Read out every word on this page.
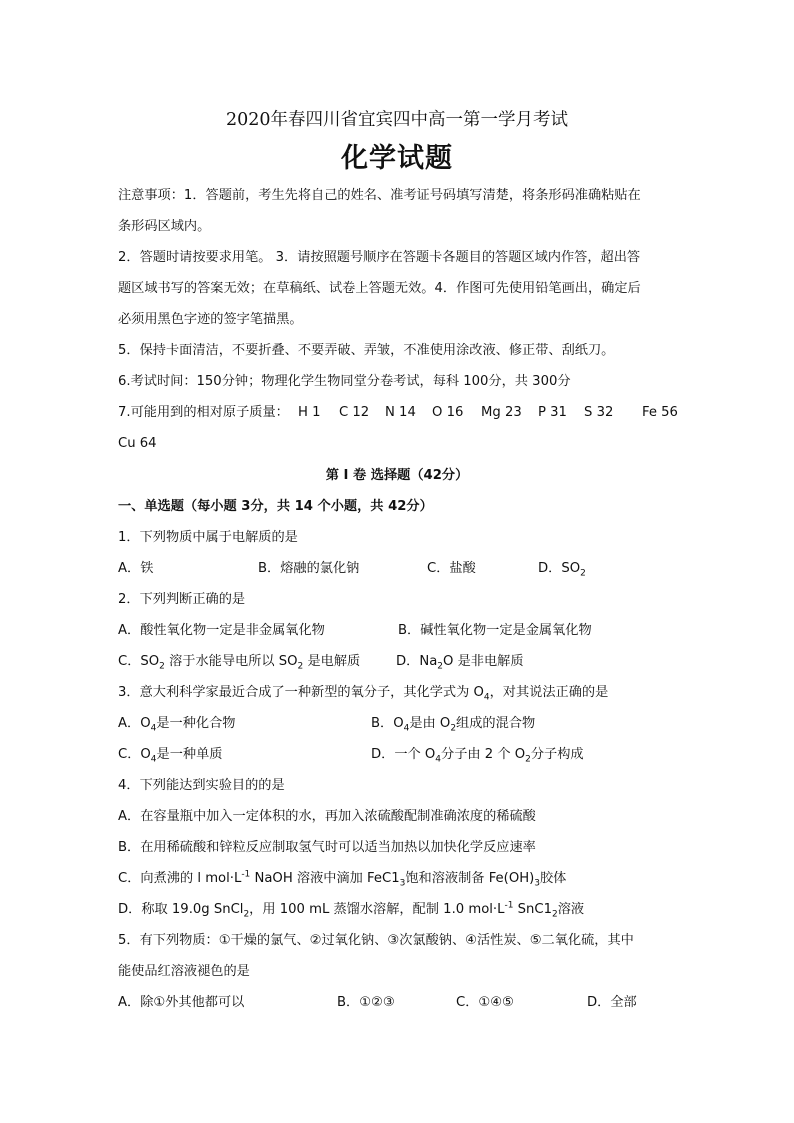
2020年春四川省宜宾四中高一第一学月考试
化学试题
注意事项：1．答题前，考生先将自己的姓名、准考证号码填写清楚，将条形码准确粘贴在
条形码区域内。
2．答题时请按要求用笔。 3．请按照题号顺序在答题卡各题目的答题区域内作答，超出答
题区域书写的答案无效；在草稿纸、试卷上答题无效。4．作图可先使用铅笔画出，确定后
必须用黑色字迹的签字笔描黑。
5．保持卡面清洁，不要折叠、不要弄破、弄皱，不准使用涂改液、修正带、刮纸刀。
6.考试时间：150分钟；物理化学生物同堂分卷考试，每科 100分，共 300分
7.可能用到的相对原子质量： H 1 C 12 N 14 O 16 Mg 23 P 31 S 32 Fe 56
Cu 64
第 I 卷 选择题（42分）
一、单选题（每小题 3分，共 14 个小题，共 42分）
1．下列物质中属于电解质的是
A．铁	B．熔融的氯化钠	C．盐酸	D．$SO_2$
2．下列判断正确的是
A．酸性氧化物一定是非金属氧化物	B．碱性氧化物一定是金属氧化物
C．$SO_2$ 溶于水能导电所以 $SO_2$ 是电解质	D．$Na_2O$ 是非电解质
3．意大利科学家最近合成了一种新型的氧分子，其化学式为 $O_4$，对其说法正确的是
A．$O_4$是一种化合物	B．$O_4$是由 $O_2$组成的混合物
C．$O_4$是一种单质	D．一个 $O_4$分子由 2 个 $O_2$分子构成
4．下列能达到实验目的的是
A．在容量瓶中加入一定体积的水，再加入浓硫酸配制准确浓度的稀硫酸
B．在用稀硫酸和锌粒反应制取氢气时可以适当加热以加快化学反应速率
C．向煮沸的 l $mol\cdot L^{-1}$ NaOH 溶液中滴加 $FeC1_3$饱和溶液制备 $Fe(OH)_3$胶体
D．称取 19.0g SnCl$_2$，用 100 mL 蒸馏水溶解，配制 1.0 $mol\cdot L^{-1}$ $SnC1_2$溶液
5．有下列物质：①干燥的氯气、②过氧化钠、③次氯酸钠、④活性炭、⑤二氧化硫，其中
能使品红溶液褪色的是
A．除①外其他都可以	B．①②③	C．①④⑤	D．全部
